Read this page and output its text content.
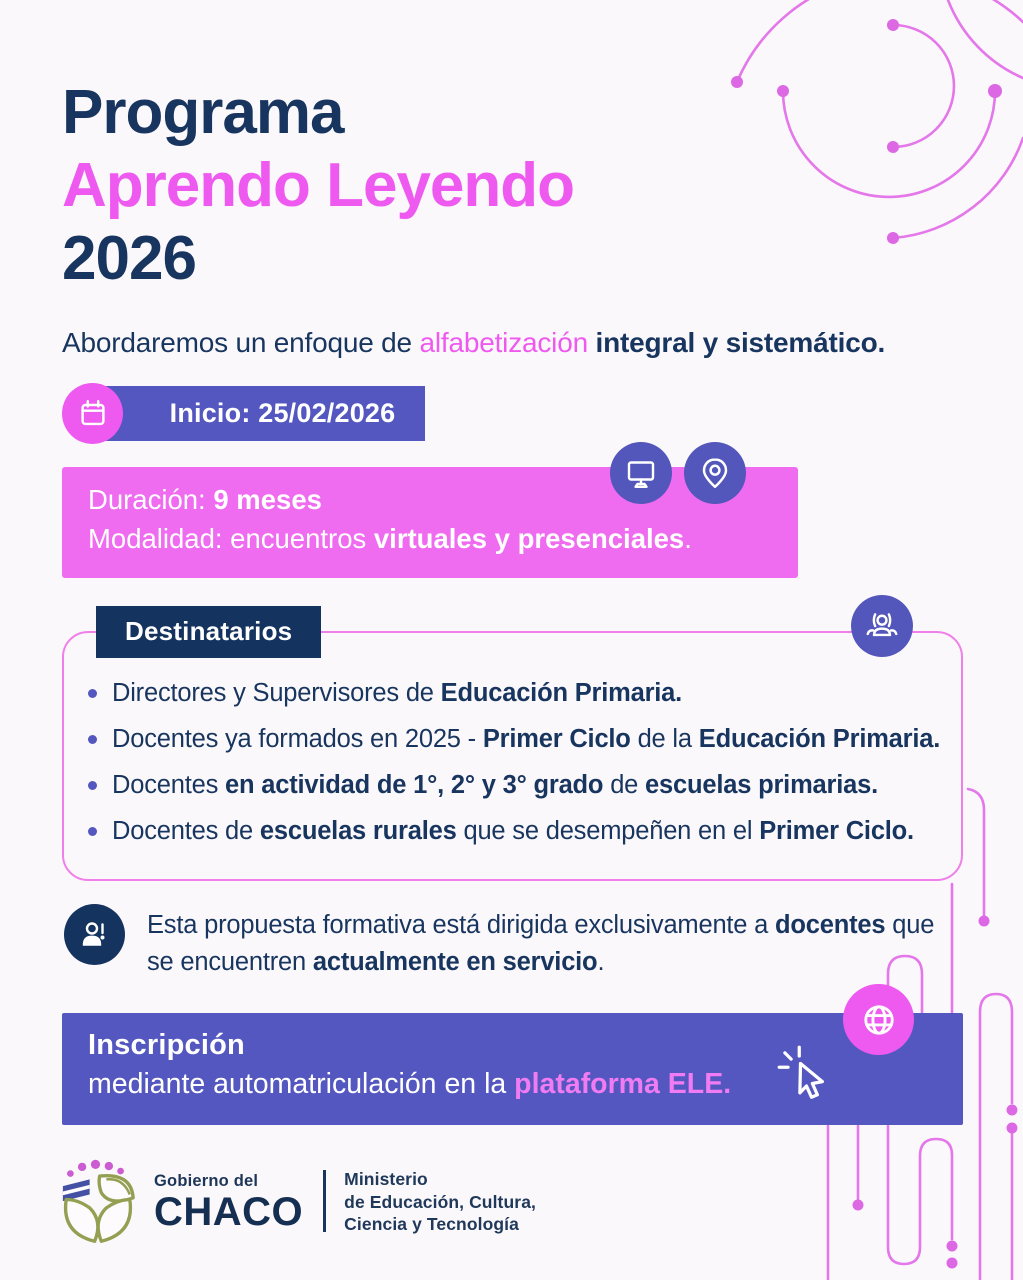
Programa
Aprendo Leyendo
2026
Abordaremos un enfoque de alfabetización integral y sistemático.
Inicio: 25/02/2026
Duración: 9 meses
Modalidad: encuentros virtuales y presenciales.
Destinatarios
Directores y Supervisores de Educación Primaria.
Docentes ya formados en 2025 - Primer Ciclo de la Educación Primaria.
Docentes en actividad de 1°, 2° y 3° grado de escuelas primarias.
Docentes de escuelas rurales que se desempeñen en el Primer Ciclo.
Esta propuesta formativa está dirigida exclusivamente a docentes que se encuentren actualmente en servicio.
Inscripción
mediante automatriculación en la plataforma ELE.
Gobierno del
CHACO
Ministerio
de Educación, Cultura,
Ciencia y Tecnología
